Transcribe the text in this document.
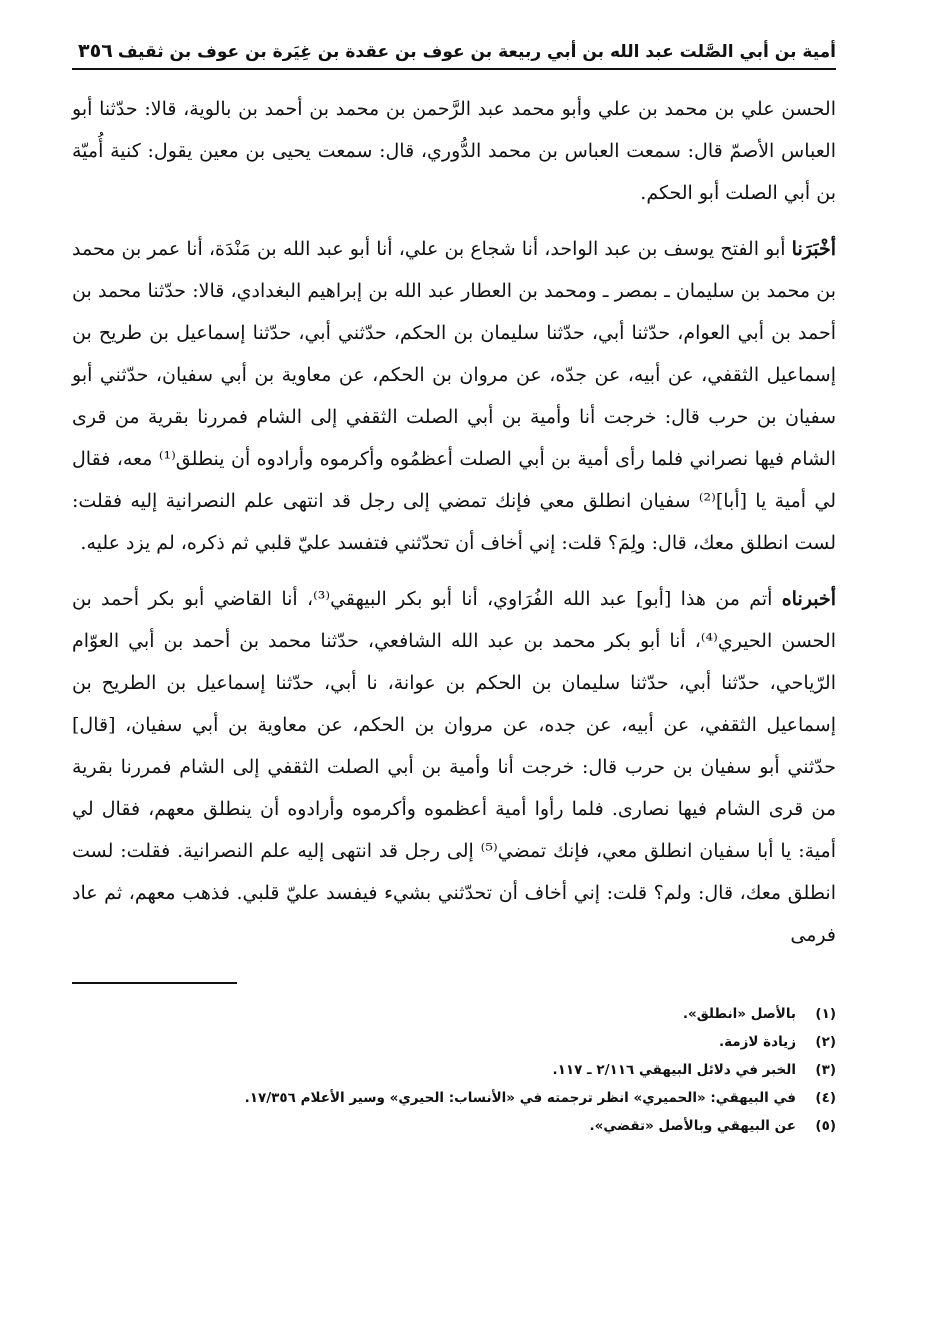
أمية بن أبي الصَّلت عبد الله بن أبي ربيعة بن عوف بن عقدة بن غِيَرة بن عوف بن ثقيف
٣٥٦

الحسن علي بن محمد بن علي وأبو محمد عبد الرَّحمن بن محمد بن أحمد بن بالوية، قالا: حدّثنا أبو العباس الأصمّ قال: سمعت العباس بن محمد الدُّوري، قال: سمعت يحيى بن معين يقول: كنية أُميّة بن أبي الصلت أبو الحكم.

أخْبَرَنا أبو الفتح يوسف بن عبد الواحد، أنا شجاع بن علي، أنا أبو عبد الله بن مَنْدَة، أنا عمر بن محمد بن محمد بن سليمان ـ بمصر ـ ومحمد بن العطار عبد الله بن إبراهيم البغدادي، قالا: حدّثنا محمد بن أحمد بن أبي العوام، حدّثنا أبي، حدّثنا سليمان بن الحكم، حدّثني أبي، حدّثنا إسماعيل بن طريح بن إسماعيل الثقفي، عن أبيه، عن جدّه، عن مروان بن الحكم، عن معاوية بن أبي سفيان، حدّثني أبو سفيان بن حرب قال: خرجت أنا وأمية بن أبي الصلت الثقفي إلى الشام فمررنا بقرية من قرى الشام فيها نصراني فلما رأى أمية بن أبي الصلت أعظمُوه وأكرموه وأرادوه أن ينطلق⁽¹⁾ معه، فقال لي أمية يا [أبا]⁽²⁾ سفيان انطلق معي فإنك تمضي إلى رجل قد انتهى علم النصرانية إليه فقلت: لست انطلق معك، قال: ولِمَ؟ قلت: إني أخاف أن تحدّثني فتفسد عليّ قلبي ثم ذكره، لم يزد عليه.

أخبرناه أتم من هذا [أبو] عبد الله الفُرَاوي، أنا أبو بكر البيهقي⁽³⁾، أنا القاضي أبو بكر أحمد بن الحسن الحيري⁽⁴⁾، أنا أبو بكر محمد بن عبد الله الشافعي، حدّثنا محمد بن أحمد بن أبي العوّام الرّياحي، حدّثنا أبي، حدّثنا سليمان بن الحكم بن عوانة، نا أبي، حدّثنا إسماعيل بن الطريح بن إسماعيل الثقفي، عن أبيه، عن جده، عن مروان بن الحكم، عن معاوية بن أبي سفيان، [قال] حدّثني أبو سفيان بن حرب قال: خرجت أنا وأمية بن أبي الصلت الثقفي إلى الشام فمررنا بقرية من قرى الشام فيها نصارى. فلما رأوا أمية أعظموه وأكرموه وأرادوه أن ينطلق معهم، فقال لي أمية: يا أبا سفيان انطلق معي، فإنك تمضي⁽⁵⁾ إلى رجل قد انتهى إليه علم النصرانية. فقلت: لست انطلق معك، قال: ولم؟ قلت: إني أخاف أن تحدّثني بشيء فيفسد عليّ قلبي. فذهب معهم، ثم عاد فرمى

(١)
بالأصل «انطلق».
(٢)
زيادة لازمة.
(٣)
الخبر في دلائل البيهقي ٢/١١٦ ـ ١١٧.
(٤)
في البيهقي: «الحميري» انظر ترجمته في «الأنساب: الحيري» وسير الأعلام ١٧/٣٥٦.
(٥)
عن البيهقي وبالأصل «تقضي».
